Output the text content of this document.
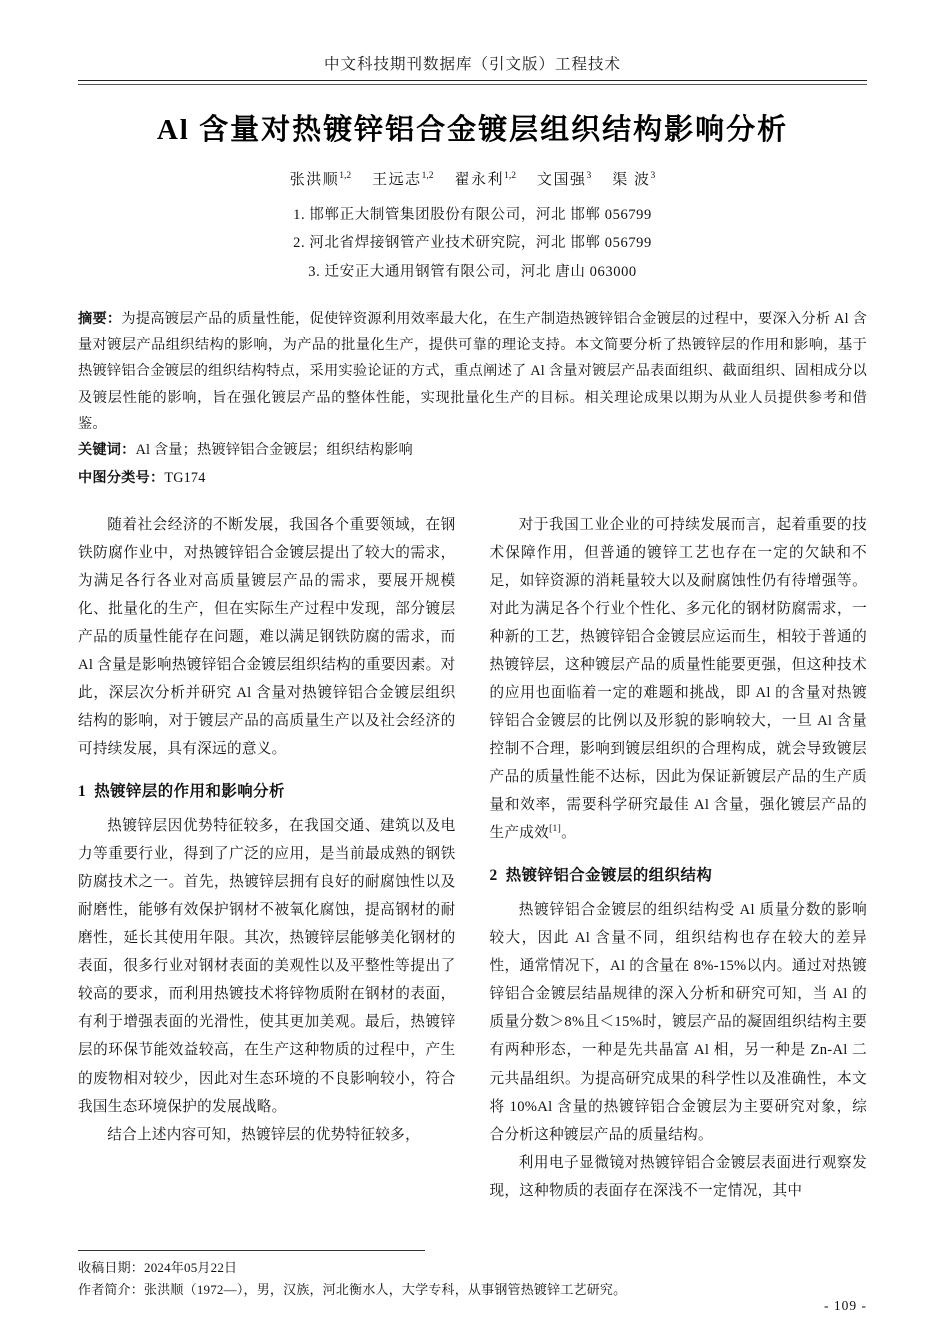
中文科技期刊数据库（引文版）工程技术
Al 含量对热镀锌铝合金镀层组织结构影响分析
张洪顺$^{1,2}$ 王远志$^{1,2}$ 翟永利$^{1,2}$ 文国强$^3$ 渠 波$^3$
1. 邯郸正大制管集团股份有限公司，河北 邯郸 056799
2. 河北省焊接钢管产业技术研究院，河北 邯郸 056799
3. 迁安正大通用钢管有限公司，河北 唐山 063000
摘要：为提高镀层产品的质量性能，促使锌资源利用效率最大化，在生产制造热镀锌铝合金镀层的过程中，要深入分析 Al 含量对镀层产品组织结构的影响，为产品的批量化生产，提供可靠的理论支持。本文简要分析了热镀锌层的作用和影响，基于热镀锌铝合金镀层的组织结构特点，采用实验论证的方式，重点阐述了 Al 含量对镀层产品表面组织、截面组织、固相成分以及镀层性能的影响，旨在强化镀层产品的整体性能，实现批量化生产的目标。相关理论成果以期为从业人员提供参考和借鉴。
关键词：Al 含量；热镀锌铝合金镀层；组织结构影响
中图分类号：TG174

随着社会经济的不断发展，我国各个重要领域，在钢铁防腐作业中，对热镀锌铝合金镀层提出了较大的需求，为满足各行各业对高质量镀层产品的需求，要展开规模化、批量化的生产，但在实际生产过程中发现，部分镀层产品的质量性能存在问题，难以满足钢铁防腐的需求，而 Al 含量是影响热镀锌铝合金镀层组织结构的重要因素。对此，深层次分析并研究 Al 含量对热镀锌铝合金镀层组织结构的影响，对于镀层产品的高质量生产以及社会经济的可持续发展，具有深远的意义。

1 热镀锌层的作用和影响分析

热镀锌层因优势特征较多，在我国交通、建筑以及电力等重要行业，得到了广泛的应用，是当前最成熟的钢铁防腐技术之一。首先，热镀锌层拥有良好的耐腐蚀性以及耐磨性，能够有效保护钢材不被氧化腐蚀，提高钢材的耐磨性，延长其使用年限。其次，热镀锌层能够美化钢材的表面，很多行业对钢材表面的美观性以及平整性等提出了较高的要求，而利用热镀技术将锌物质附在钢材的表面，有利于增强表面的光滑性，使其更加美观。最后，热镀锌层的环保节能效益较高，在生产这种物质的过程中，产生的废物相对较少，因此对生态环境的不良影响较小，符合我国生态环境保护的发展战略。

结合上述内容可知，热镀锌层的优势特征较多，

对于我国工业企业的可持续发展而言，起着重要的技术保障作用，但普通的镀锌工艺也存在一定的欠缺和不足，如锌资源的消耗量较大以及耐腐蚀性仍有待增强等。对此为满足各个行业个性化、多元化的钢材防腐需求，一种新的工艺，热镀锌铝合金镀层应运而生，相较于普通的热镀锌层，这种镀层产品的质量性能要更强，但这种技术的应用也面临着一定的难题和挑战，即 Al 的含量对热镀锌铝合金镀层的比例以及形貌的影响较大，一旦 Al 含量控制不合理，影响到镀层组织的合理构成，就会导致镀层产品的质量性能不达标，因此为保证新镀层产品的生产质量和效率，需要科学研究最佳 Al 含量，强化镀层产品的生产成效[1]。

2 热镀锌铝合金镀层的组织结构

热镀锌铝合金镀层的组织结构受 Al 质量分数的影响较大，因此 Al 含量不同，组织结构也存在较大的差异性，通常情况下，Al 的含量在 8%-15%以内。通过对热镀锌铝合金镀层结晶规律的深入分析和研究可知，当 Al 的质量分数＞8%且＜15%时，镀层产品的凝固组织结构主要有两种形态，一种是先共晶富 Al 相，另一种是 Zn-Al 二元共晶组织。为提高研究成果的科学性以及准确性，本文将 10%Al 含量的热镀锌铝合金镀层为主要研究对象，综合分析这种镀层产品的质量结构。

利用电子显微镜对热镀锌铝合金镀层表面进行观察发现，这种物质的表面存在深浅不一定情况，其中

收稿日期：2024年05月22日
作者简介：张洪顺（1972—），男，汉族，河北衡水人，大学专科，从事钢管热镀锌工艺研究。
- 109 -
